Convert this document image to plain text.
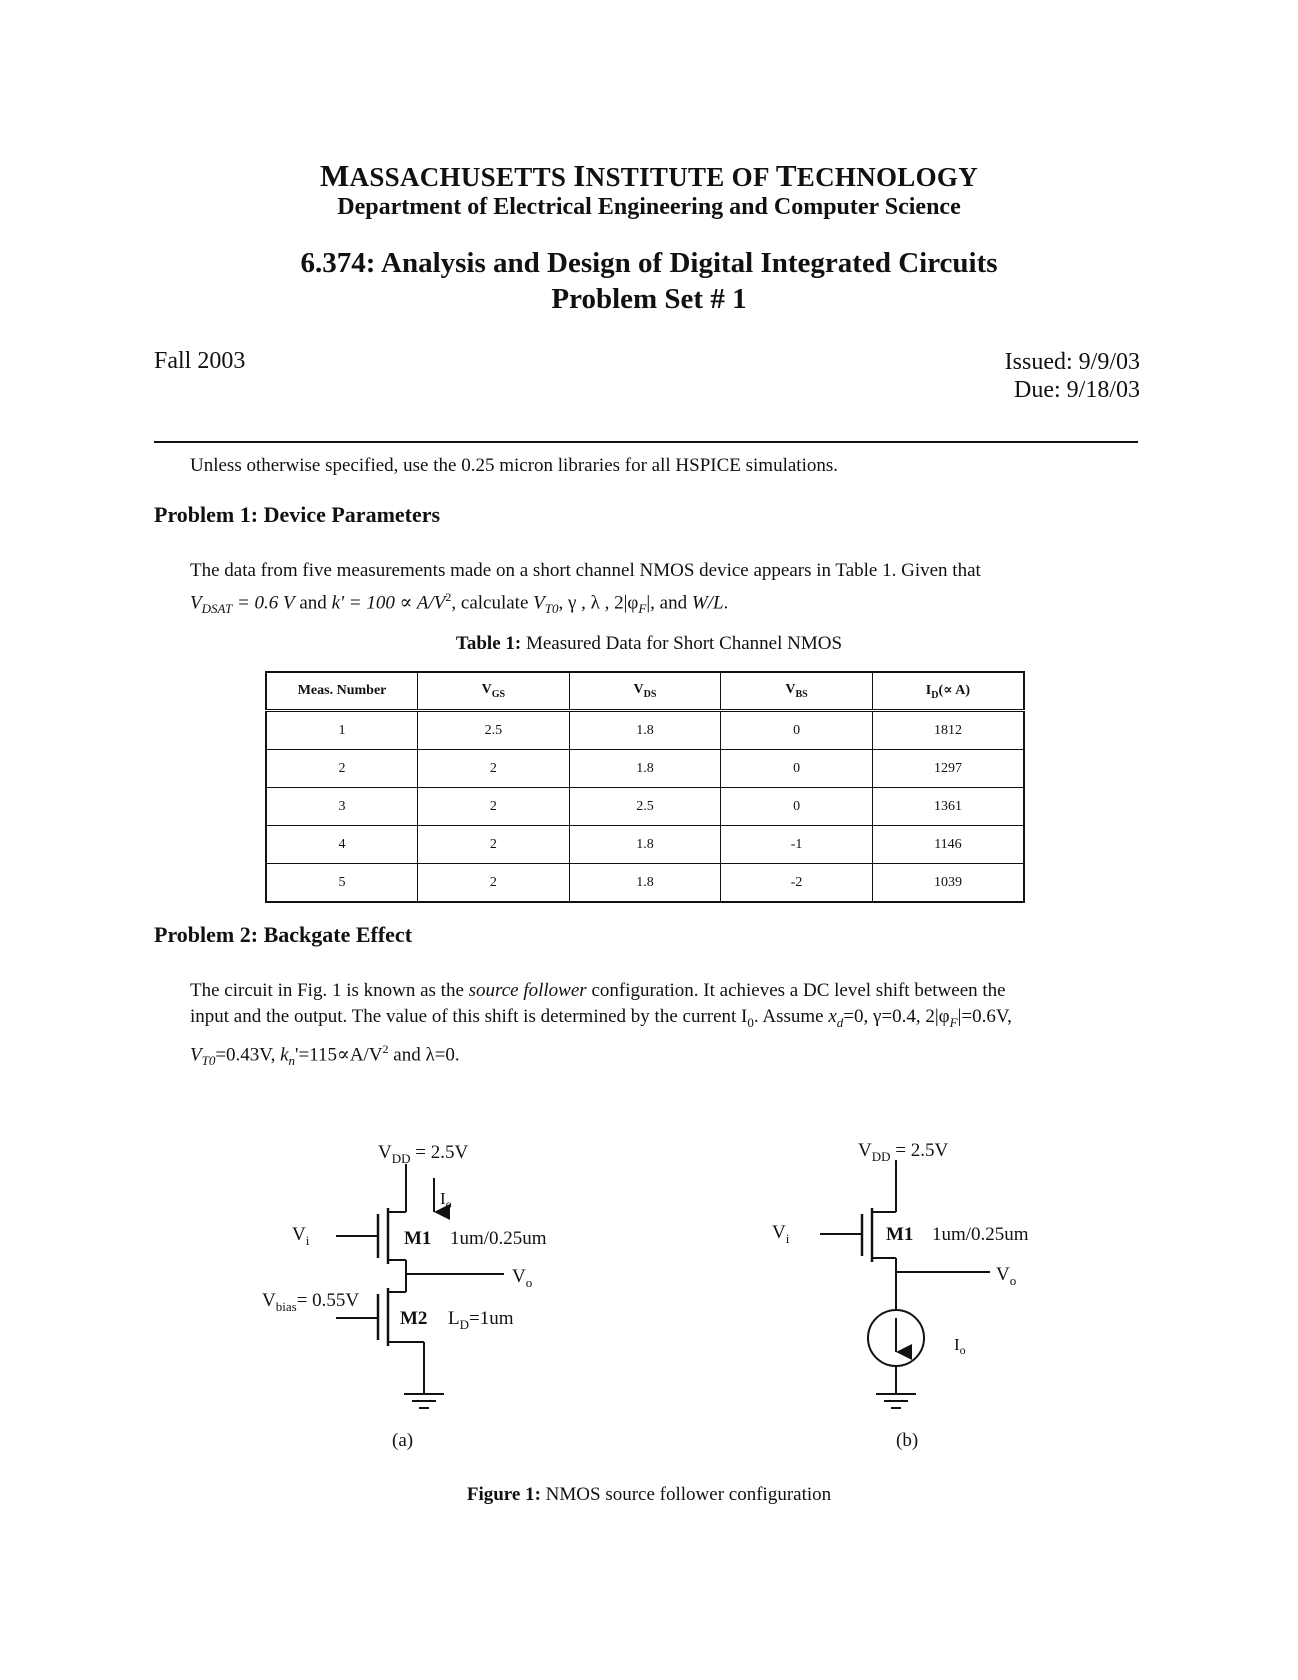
MASSACHUSETTS INSTITUTE OF TECHNOLOGY
Department of Electrical Engineering and Computer Science
6.374: Analysis and Design of Digital Integrated Circuits
Problem Set # 1
Fall 2003	Issued: 9/9/03
Due: 9/18/03
Unless otherwise specified, use the 0.25 micron libraries for all HSPICE simulations.
Problem 1: Device Parameters
The data from five measurements made on a short channel NMOS device appears in Table 1. Given that
$V_{DSAT} = 0.6$ V and $k' = 100 \propto A/V^2$, calculate $V_{T0}$, γ , λ , $2|\varphi_F|$, and W/L.
Table 1: Measured Data for Short Channel NMOS
Meas. Number	$V_{GS}$	$V_{DS}$	$V_{BS}$	$I_D(\propto A)$
1	2.5	1.8	0	1812
2	2	1.8	0	1297
3	2	2.5	0	1361
4	2	1.8	-1	1146
5	2	1.8	-2	1039
Problem 2: Backgate Effect
The circuit in Fig. 1 is known as the source follower configuration. It achieves a DC level shift between the
input and the output. The value of this shift is determined by the current $I_0$. Assume $x_d=0$, γ=0.4, $2|\varphi_F|=0.6V$,
$V_{T0}=0.43V$, $k_n'=115\propto A/V^2$ and λ=0.
$V_{DD} = 2.5V$
$I_o$
$V_i$	M1 1um/0.25um
$V_o$
$V_{bias}= 0.55V$
M2 $L_D=1um$
(a)
$V_{DD} = 2.5V$
$V_i$	M1 1um/0.25um
$V_o$
$I_o$
(b)
Figure 1: NMOS source follower configuration
